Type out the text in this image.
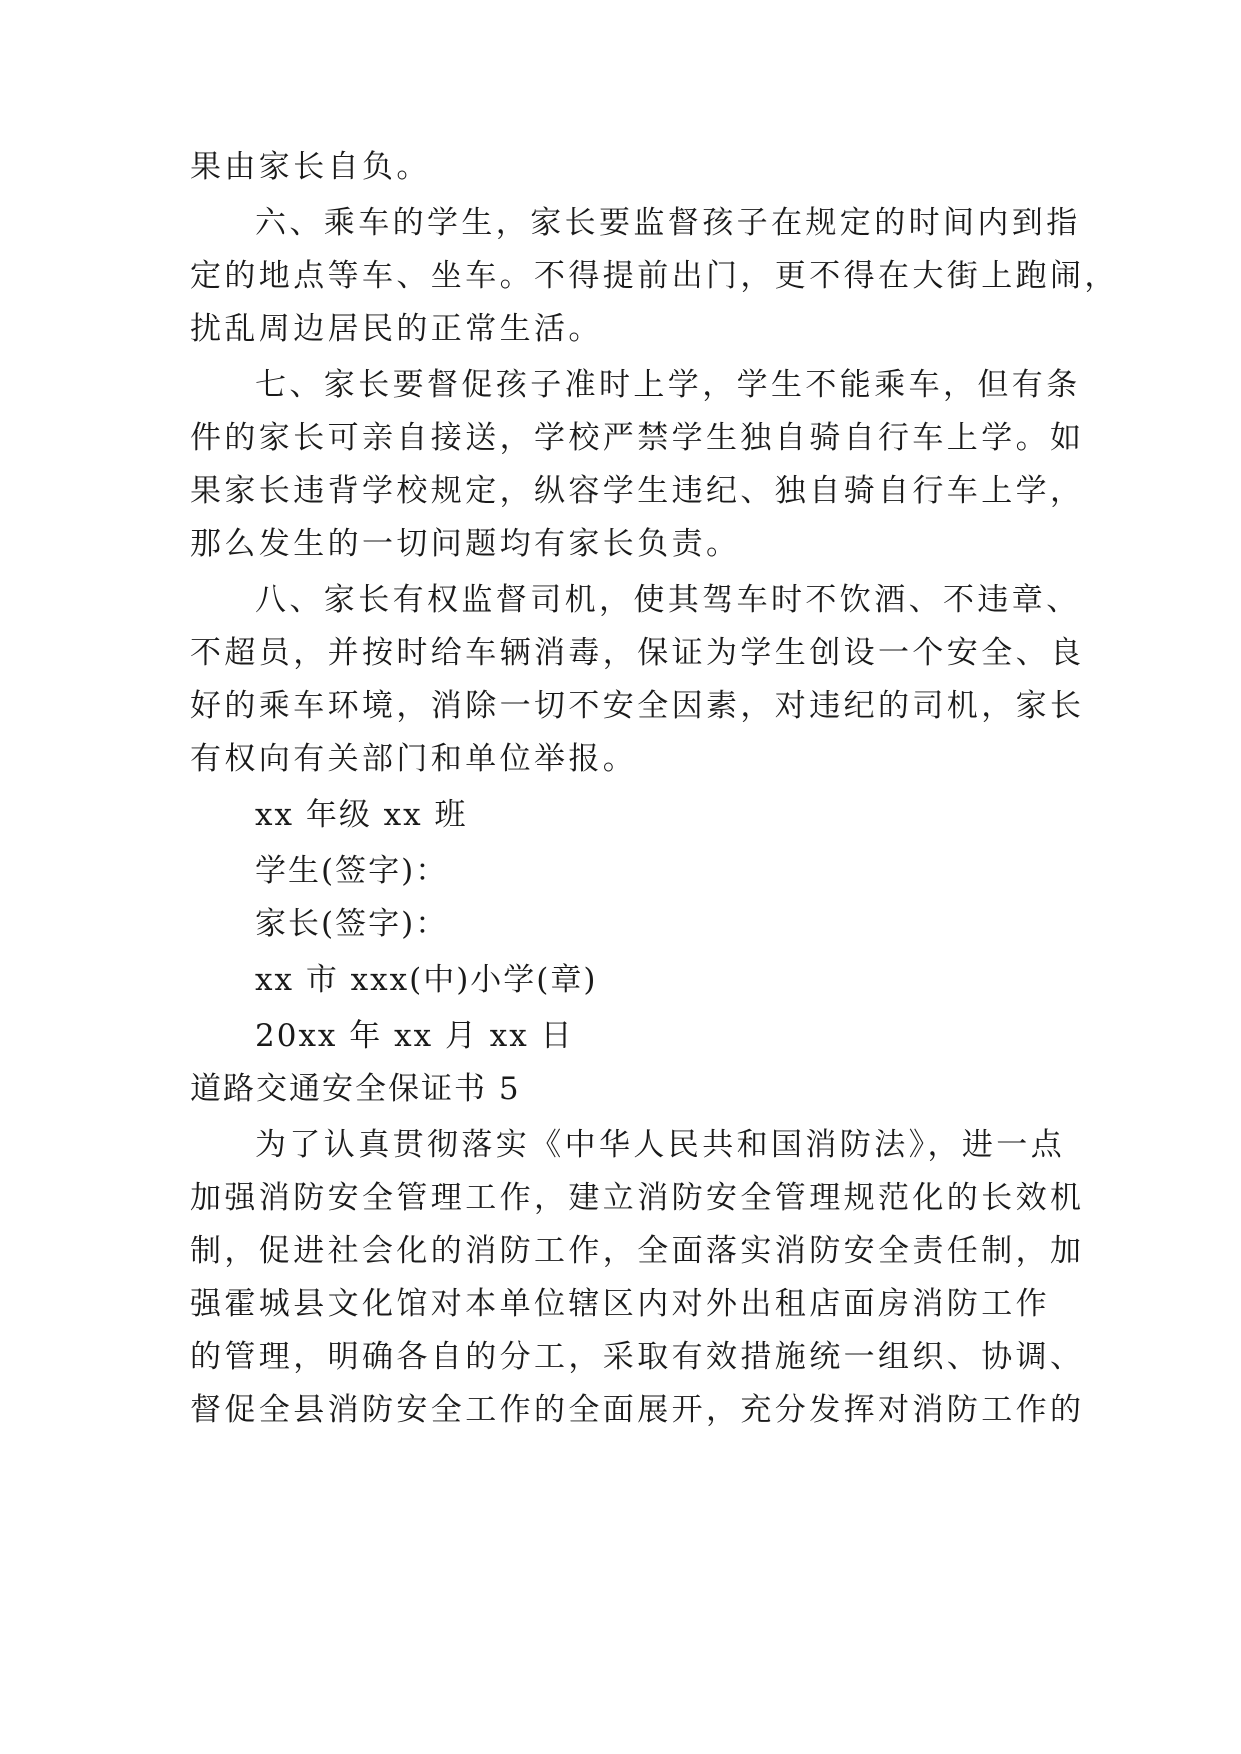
果由家长自负。
六、乘车的学生，家长要监督孩子在规定的时间内到指
定的地点等车、坐车。不得提前出门，更不得在大街上跑闹，
扰乱周边居民的正常生活。
七、家长要督促孩子准时上学，学生不能乘车，但有条
件的家长可亲自接送，学校严禁学生独自骑自行车上学。如
果家长违背学校规定，纵容学生违纪、独自骑自行车上学，
那么发生的一切问题均有家长负责。
八、家长有权监督司机，使其驾车时不饮酒、不违章、
不超员，并按时给车辆消毒，保证为学生创设一个安全、良
好的乘车环境，消除一切不安全因素，对违纪的司机，家长
有权向有关部门和单位举报。
xx 年级 xx 班
学生(签字)：
家长(签字)：
xx 市 xxx(中)小学(章)
20xx 年 xx 月 xx 日
道路交通安全保证书 5
为了认真贯彻落实《中华人民共和国消防法》，进一点
加强消防安全管理工作，建立消防安全管理规范化的长效机
制，促进社会化的消防工作，全面落实消防安全责任制，加
强霍城县文化馆对本单位辖区内对外出租店面房消防工作
的管理，明确各自的分工，采取有效措施统一组织、协调、
督促全县消防安全工作的全面展开，充分发挥对消防工作的
